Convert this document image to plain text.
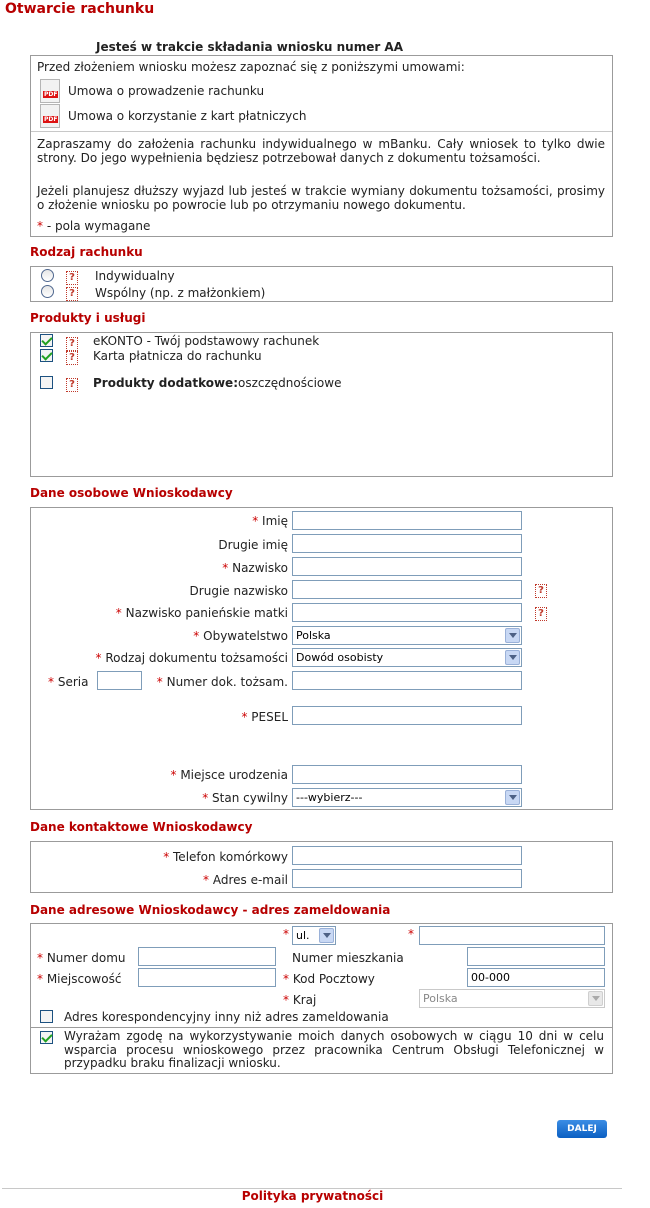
Otwarcie rachunku
Jesteś w trakcie składania wniosku numer AA
Przed złożeniem wniosku możesz zapoznać się z poniższymi umowami:
PDF Umowa o prowadzenie rachunku
PDF Umowa o korzystanie z kart płatniczych
Zapraszamy do założenia rachunku indywidualnego w mBanku. Cały wniosek to tylko dwie strony. Do jego wypełnienia będziesz potrzebował danych z dokumentu tożsamości.
Jeżeli planujesz dłuższy wyjazd lub jesteś w trakcie wymiany dokumentu tożsamości, prosimy o złożenie wniosku po powrocie lub po otrzymaniu nowego dokumentu.
* - pola wymagane
Rodzaj rachunku
? Indywidualny
? Wspólny (np. z małżonkiem)
Produkty i usługi
? eKONTO - Twój podstawowy rachunek
? Karta płatnicza do rachunku
? Produkty dodatkowe:oszczędnościowe
Dane osobowe Wnioskodawcy
* Imię
Drugie imię
* Nazwisko
Drugie nazwisko	?
* Nazwisko panieńskie matki	?
* Obywatelstwo Polska
* Rodzaj dokumentu tożsamości Dowód osobisty
* Seria	* Numer dok. tożsam.
* PESEL
* Miejsce urodzenia
* Stan cywilny ---wybierz---
Dane kontaktowe Wnioskodawcy
* Telefon komórkowy
* Adres e-mail
Dane adresowe Wnioskodawcy - adres zameldowania
* ul.	*
* Numer domu	Numer mieszkania
* Miejscowość	* Kod Pocztowy	00-000
* Kraj	Polska
Adres korespondencyjny inny niż adres zameldowania
Wyrażam zgodę na wykorzystywanie moich danych osobowych w ciągu 10 dni w celu wsparcia procesu wnioskowego przez pracownika Centrum Obsługi Telefonicznej w przypadku braku finalizacji wniosku.
DALEJ
Polityka prywatności
